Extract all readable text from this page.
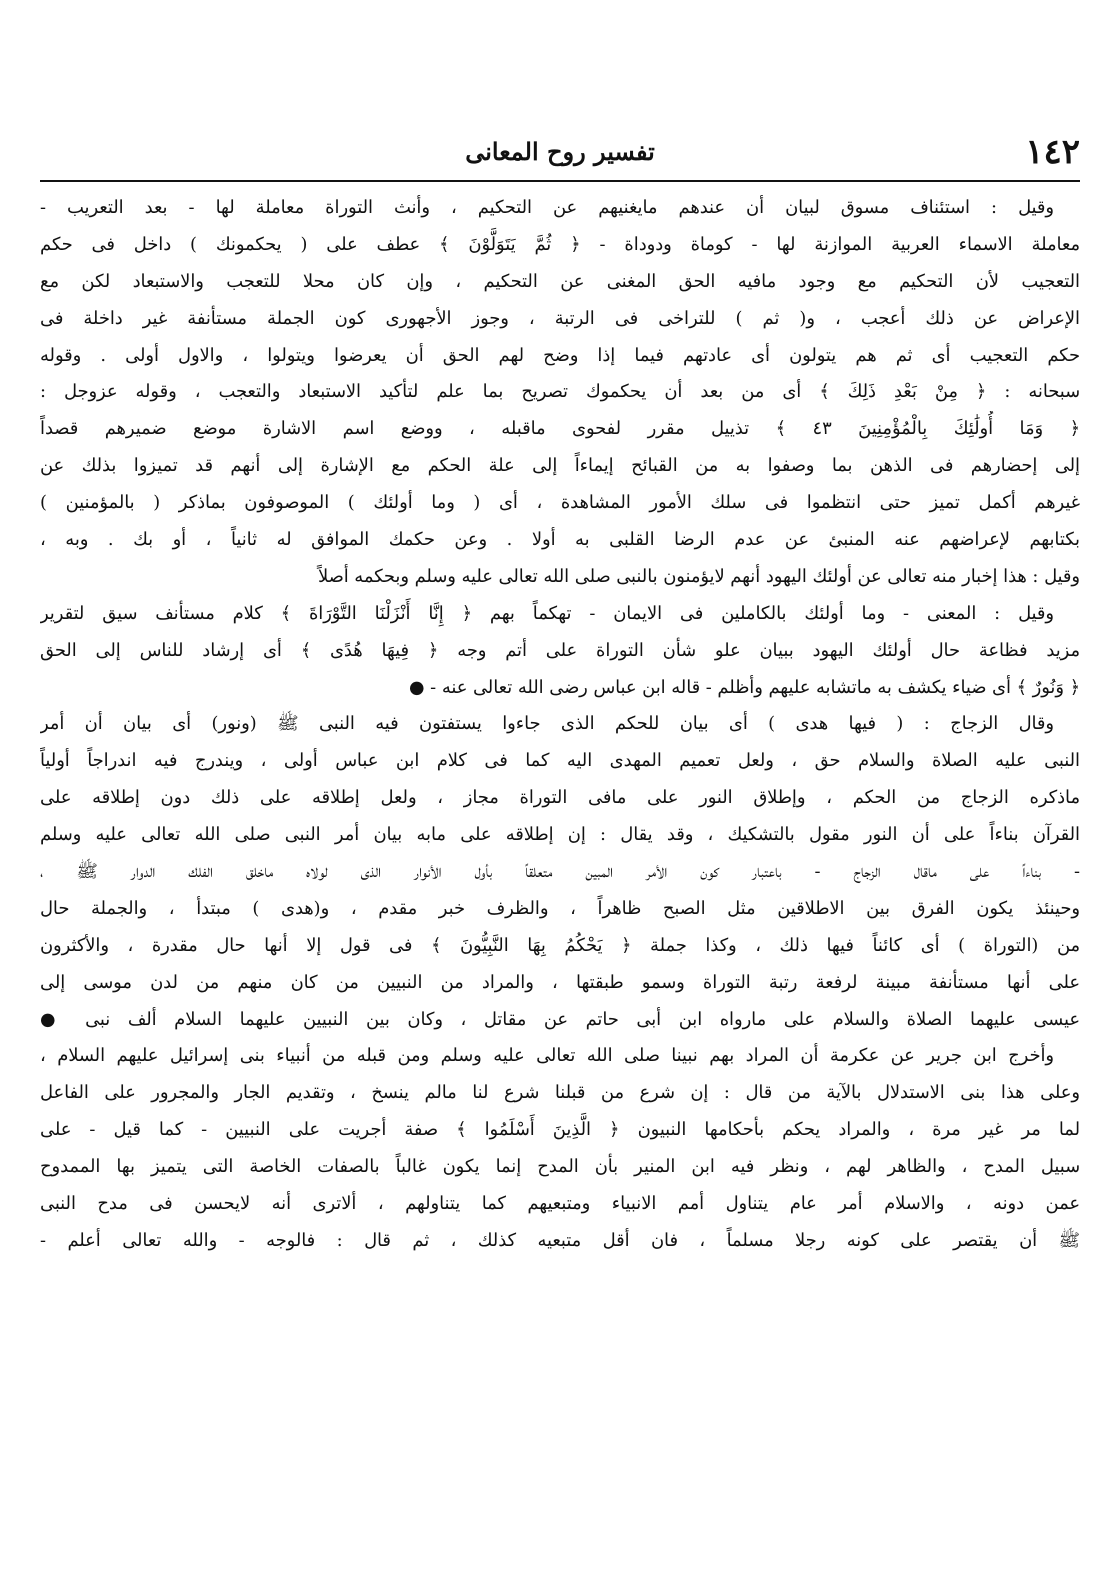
١٤٢
تفسير روح المعانى
وقيل : استئناف مسوق لبيان أن عندهم مايغنيهم عن التحكيم ، وأنث التوراة معاملة لها - بعد التعريب -
معاملة الاسماء العربية الموازنة لها - كوماة ودوداة - ﴿ ثُمَّ يَتَوَلَّوْنَ ﴾ عطف على ( يحكمونك ) داخل فى حكم
التعجيب لأن التحكيم مع وجود مافيه الحق المغنى عن التحكيم ، وإن كان محلا للتعجب والاستبعاد لكن مع
الإعراض عن ذلك أعجب ، و( ثم ) للتراخى فى الرتبة ، وجوز الأجهورى كون الجملة مستأنفة غير داخلة فى
حكم التعجيب أى ثم هم يتولون أى عادتهم فيما إذا وضح لهم الحق أن يعرضوا ويتولوا ، والاول أولى . وقوله
سبحانه : ﴿ مِنْ بَعْدِ ذَلِكَ ﴾ أى من بعد أن يحكموك تصريح بما علم لتأكيد الاستبعاد والتعجب ، وقوله عزوجل :
﴿ وَمَا أُولَٰئِكَ بِالْمُؤْمِنِينَ ٤٣ ﴾ تذييل مقرر لفحوى ماقبله ، ووضع اسم الاشارة موضع ضميرهم قصداً
إلى إحضارهم فى الذهن بما وصفوا به من القبائح إيماءاً إلى علة الحكم مع الإشارة إلى أنهم قد تميزوا بذلك عن
غيرهم أكمل تميز حتى انتظموا فى سلك الأمور المشاهدة ، أى ( وما أولئك ) الموصوفون بماذكر ( بالمؤمنين )
بكتابهم لإعراضهم عنه المنبئ عن عدم الرضا القلبى به أولا . وعن حكمك الموافق له ثانياً ، أو بك . وبه ،
وقيل : هذا إخبار منه تعالى عن أولئك اليهود أنهم لايؤمنون بالنبى صلى الله تعالى عليه وسلم وبحكمه أصلاً
وقيل : المعنى - وما أولئك بالكاملين فى الايمان - تهكماً بهم ﴿ إِنَّا أَنْزَلْنَا التَّوْرَاةَ ﴾ كلام مستأنف سيق لتقرير
مزيد فظاعة حال أولئك اليهود ببيان علو شأن التوراة على أتم وجه ﴿ فِيهَا هُدًى ﴾ أى إرشاد للناس إلى الحق
﴿ وَنُورٌ ﴾ أى ضياء يكشف به ماتشابه عليهم وأظلم - قاله ابن عباس رضى الله تعالى عنه - ●
وقال الزجاج : ( فيها هدى ) أى بيان للحكم الذى جاءوا يستفتون فيه النبى ﷺ (ونور) أى بيان أن أمر
النبى عليه الصلاة والسلام حق ، ولعل تعميم المهدى اليه كما فى كلام ابن عباس أولى ، ويندرج فيه اندراجاً أولياً
ماذكره الزجاج من الحكم ، وإطلاق النور على مافى التوراة مجاز ، ولعل إطلاقه على ذلك دون إطلاقه على
القرآن بناءاً على أن النور مقول بالتشكيك ، وقد يقال : إن إطلاقه على مابه بيان أمر النبى صلى الله تعالى عليه وسلم
- بناءاً على ماقال الزجاج - باعتبار كون الأمر المبين متعلقاً بأول الأنوار الذى لولاه ماخلق الفلك الدوار ﷺ ،
وحينئذ يكون الفرق بين الاطلاقين مثل الصبح ظاهراً ، والظرف خبر مقدم ، و(هدى ) مبتدأ ، والجملة حال
من (التوراة ) أى كائناً فيها ذلك ، وكذا جملة ﴿ يَحْكُمُ بِهَا النَّبِيُّونَ ﴾ فى قول إلا أنها حال مقدرة ، والأكثرون
على أنها مستأنفة مبينة لرفعة رتبة التوراة وسمو طبقتها ، والمراد من النبيين من كان منهم من لدن موسى إلى
عيسى عليهما الصلاة والسلام على مارواه ابن أبى حاتم عن مقاتل ، وكان بين النبيين عليهما السلام ألف نبى ●
وأخرج ابن جرير عن عكرمة أن المراد بهم نبينا صلى الله تعالى عليه وسلم ومن قبله من أنبياء بنى إسرائيل عليهم السلام ،
وعلى هذا بنى الاستدلال بالآية من قال : إن شرع من قبلنا شرع لنا مالم ينسخ ، وتقديم الجار والمجرور على الفاعل
لما مر غير مرة ، والمراد يحكم بأحكامها النبيون ﴿ الَّذِينَ أَسْلَمُوا ﴾ صفة أجريت على النبيين - كما قيل - على
سبيل المدح ، والظاهر لهم ، ونظر فيه ابن المنير بأن المدح إنما يكون غالباً بالصفات الخاصة التى يتميز بها الممدوح
عمن دونه ، والاسلام أمر عام يتناول أمم الانبياء ومتبعيهم كما يتناولهم ، ألاترى أنه لايحسن فى مدح النبى
ﷺ أن يقتصر على كونه رجلا مسلماً ، فان أقل متبعيه كذلك ، ثم قال : فالوجه - والله تعالى أعلم -
